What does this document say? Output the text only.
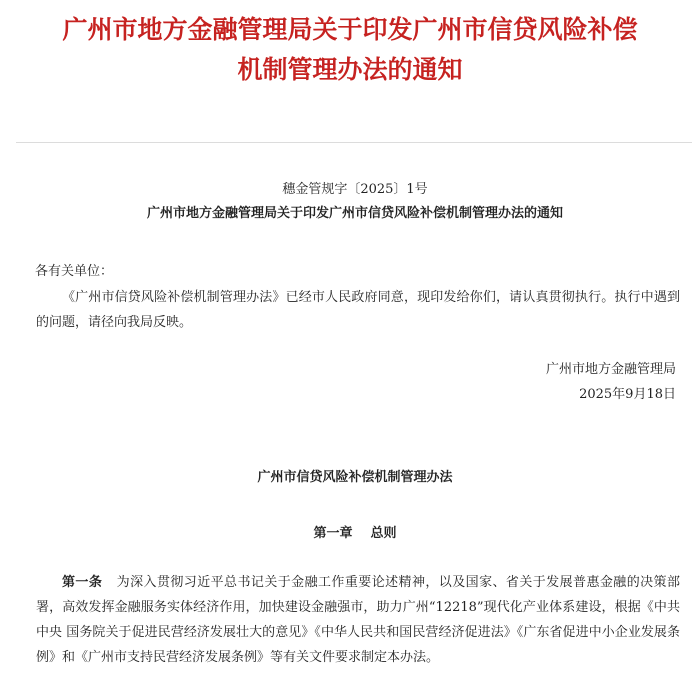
广州市地方金融管理局关于印发广州市信贷风险补偿
机制管理办法的通知
穗金管规字〔2025〕1号
广州市地方金融管理局关于印发广州市信贷风险补偿机制管理办法的通知
各有关单位：

《广州市信贷风险补偿机制管理办法》已经市人民政府同意，现印发给你们，请认真贯彻执行。执行中遇到的问题，请径向我局反映。

广州市地方金融管理局
2025年9月18日
广州市信贷风险补偿机制管理办法
第一章 总则

第一条 为深入贯彻习近平总书记关于金融工作重要论述精神，以及国家、省关于发展普惠金融的决策部署，高效发挥金融服务实体经济作用，加快建设金融强市，助力广州“12218”现代化产业体系建设，根据《中共中央 国务院关于促进民营经济发展壮大的意见》《中华人民共和国民营经济促进法》《广东省促进中小企业发展条例》和《广州市支持民营经济发展条例》等有关文件要求制定本办法。
